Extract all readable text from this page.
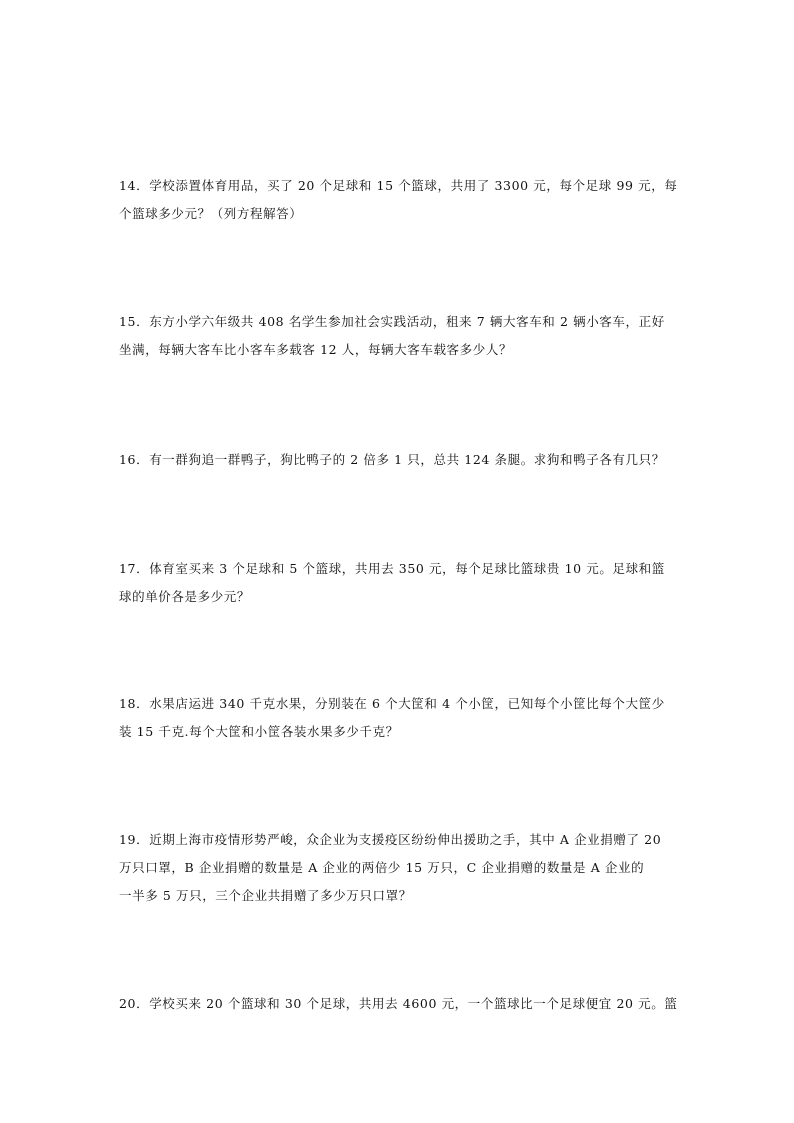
14．学校添置体育用品，买了 20 个足球和 15 个篮球，共用了 3300 元，每个足球 99 元，每

个篮球多少元？（列方程解答）

15．东方小学六年级共 408 名学生参加社会实践活动，租来 7 辆大客车和 2 辆小客车，正好

坐满，每辆大客车比小客车多载客 12 人，每辆大客车载客多少人？

16．有一群狗追一群鸭子，狗比鸭子的 2 倍多 1 只，总共 124 条腿。求狗和鸭子各有几只？

17．体育室买来 3 个足球和 5 个篮球，共用去 350 元，每个足球比篮球贵 10 元。足球和篮

球的单价各是多少元？

18．水果店运进 340 千克水果，分别装在 6 个大筐和 4 个小筐，已知每个小筐比每个大筐少

装 15 千克.每个大筐和小筐各装水果多少千克？

19．近期上海市疫情形势严峻，众企业为支援疫区纷纷伸出援助之手，其中 A 企业捐赠了 20

万只口罩，B 企业捐赠的数量是 A 企业的两倍少 15 万只，C 企业捐赠的数量是 A 企业的

一半多 5 万只，三个企业共捐赠了多少万只口罩？

20．学校买来 20 个篮球和 30 个足球，共用去 4600 元，一个篮球比一个足球便宜 20 元。篮
